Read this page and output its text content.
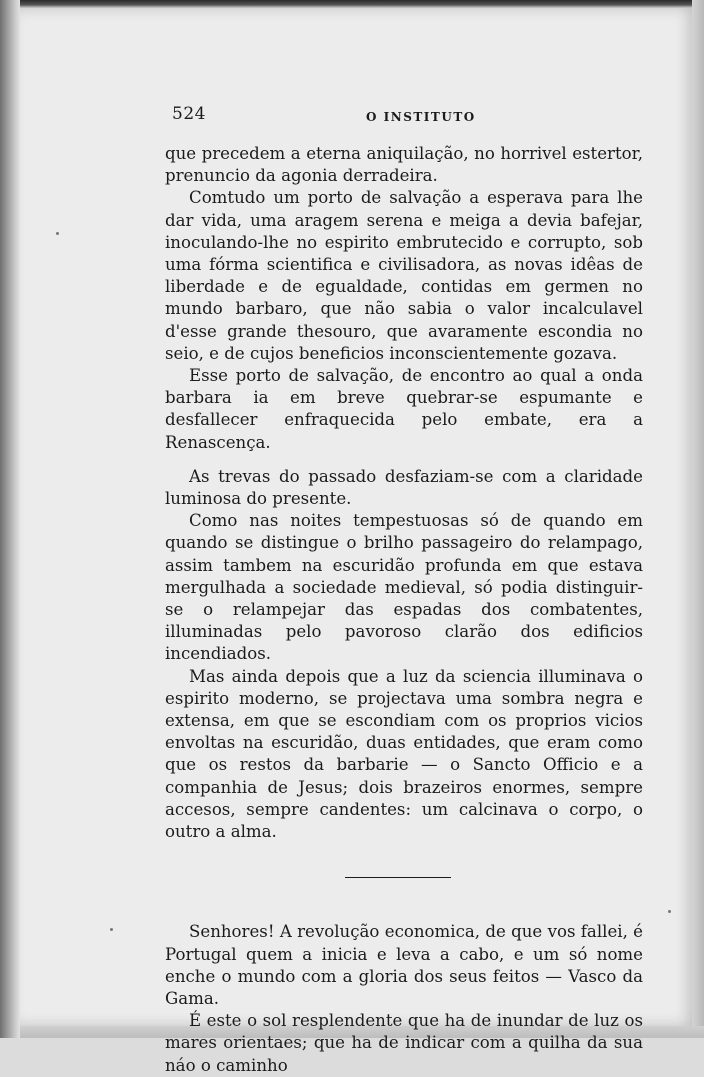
524	O INSTITUTO

que precedem a eterna aniquilação, no horrivel estertor, prenuncio da agonia derradeira.

Comtudo um porto de salvação a esperava para lhe dar vida, uma aragem serena e meiga a devia bafejar, inoculando-lhe no espirito embrutecido e corrupto, sob uma fórma scientifica e civilisadora, as novas idêas de liberdade e de egualdade, contidas em germen no mundo barbaro, que não sabia o valor incalculavel d'esse grande thesouro, que avaramente escondia no seio, e de cujos beneficios inconscientemente gozava.

Esse porto de salvação, de encontro ao qual a onda barbara ia em breve quebrar-se espumante e desfallecer enfraquecida pelo embate, era a Renascença.

As trevas do passado desfaziam-se com a claridade luminosa do presente.

Como nas noites tempestuosas só de quando em quando se distingue o brilho passageiro do relampago, assim tambem na escuridão profunda em que estava mergulhada a sociedade medieval, só podia distinguir-se o relampejar das espadas dos combatentes, illuminadas pelo pavoroso clarão dos edificios incendiados.

Mas ainda depois que a luz da sciencia illuminava o espirito moderno, se projectava uma sombra negra e extensa, em que se escondiam com os proprios vicios envoltas na escuridão, duas entidades, que eram como que os restos da barbarie — o Sancto Officio e a companhia de Jesus; dois brazeiros enormes, sempre accesos, sempre candentes: um calcinava o corpo, o outro a alma.

Senhores! A revolução economica, de que vos fallei, é Portugal quem a inicia e leva a cabo, e um só nome enche o mundo com a gloria dos seus feitos — Vasco da Gama.

É este o sol resplendente que ha de inundar de luz os mares orientaes; que ha de indicar com a quilha da sua náo o caminho
